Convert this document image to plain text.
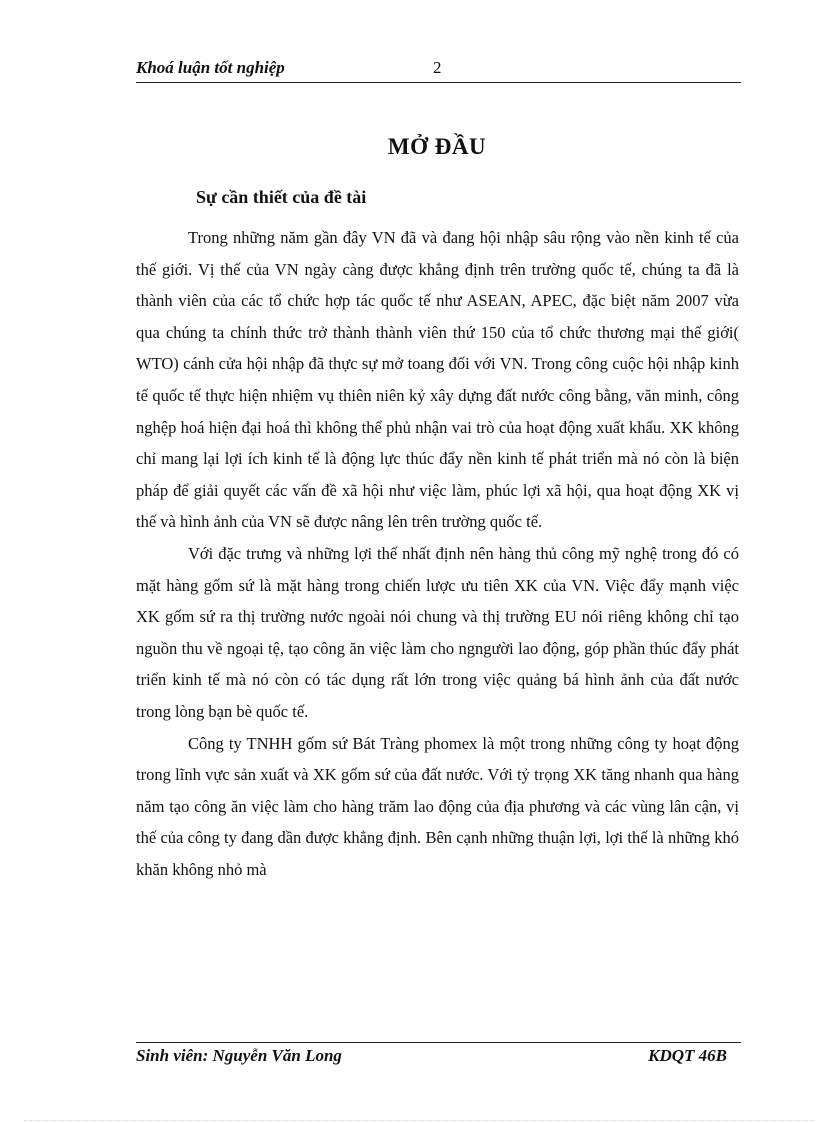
Khoá luận tốt nghiệp	2
MỞ ĐẦU
Sự cần thiết của đề tài

Trong những năm gần đây VN đã và đang hội nhập sâu rộng vào nền kinh tế của thế giới. Vị thế của VN ngày càng được khẳng định trên trường quốc tế, chúng ta đã là thành viên của các tổ chức hợp tác quốc tế như ASEAN, APEC, đặc biệt năm 2007 vừa qua chúng ta chính thức trở thành thành viên thứ 150 của tổ chức thương mại thế giới( WTO) cánh cửa hội nhập đã thực sự mở toang đối với VN. Trong công cuộc hội nhập kinh tế quốc tế thực hiện nhiệm vụ thiên niên kỷ xây dựng đất nước công bằng, văn minh, công nghệp hoá hiện đại hoá thì không thể phủ nhận vai trò của hoạt động xuất khẩu. XK không chỉ mang lại lợi ích kinh tế là động lực thúc đẩy nền kinh tế phát triển mà nó còn là biện pháp để giải quyết các vấn đề xã hội như việc làm, phúc lợi xã hội, qua hoạt động XK vị thế và hình ảnh của VN sẽ được nâng lên trên trường quốc tế.

Với đặc trưng và những lợi thế nhất định nên hàng thủ công mỹ nghệ trong đó có mặt hàng gốm sứ là mặt hàng trong chiến lược ưu tiên XK của VN. Việc đẩy mạnh việc XK gốm sứ ra thị trường nước ngoài nói chung và thị trường EU nói riêng không chỉ tạo nguồn thu về ngoại tệ, tạo công ăn việc làm cho ngngười lao động, góp phần thúc đẩy phát triển kinh tế mà nó còn có tác dụng rất lớn trong việc quảng bá hình ảnh của đất nước trong lòng bạn bè quốc tế.

Công ty TNHH gốm sứ Bát Tràng phomex là một trong những công ty hoạt động trong lĩnh vực sản xuất và XK gốm sứ của đất nước. Với tỷ trọng XK tăng nhanh qua hàng năm tạo công ăn việc làm cho hàng trăm lao động của địa phương và các vùng lân cận, vị thế của công ty đang dần được khẳng định. Bên cạnh những thuận lợi, lợi thế là những khó khăn không nhỏ mà

Sinh viên: Nguyễn Văn Long	KDQT 46B
